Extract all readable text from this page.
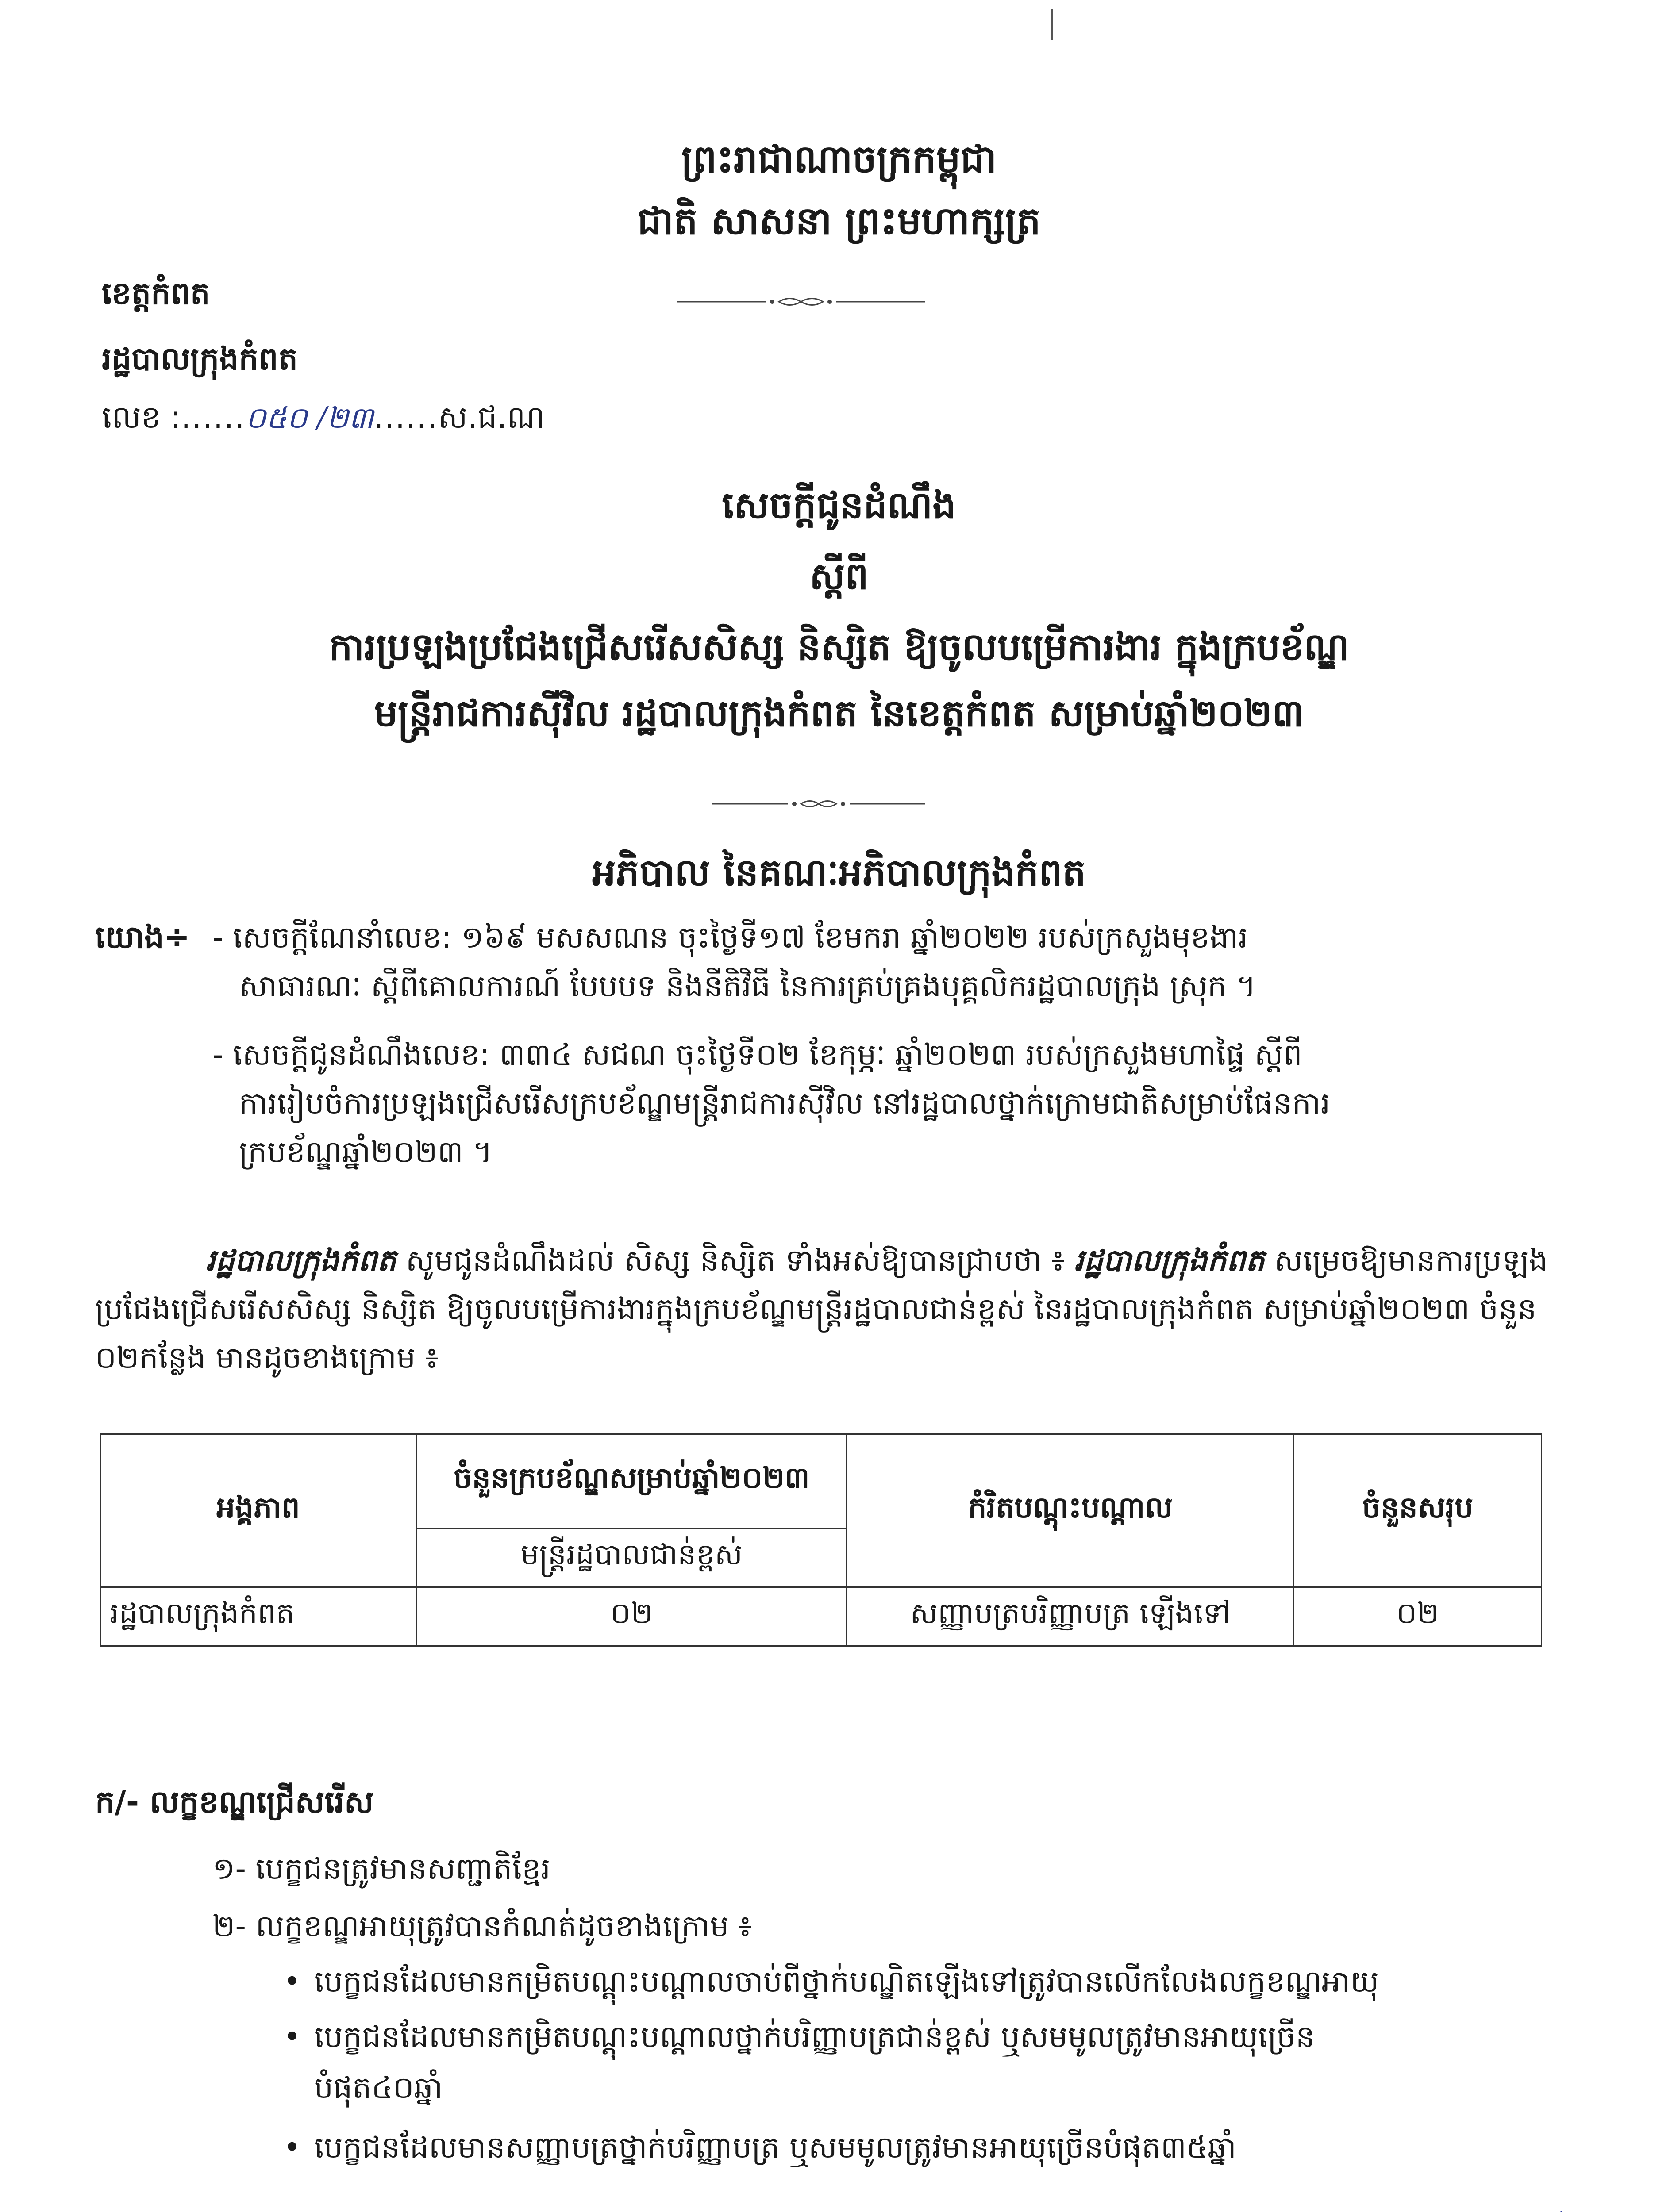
ព្រះរាជាណាចក្រកម្ពុជា
ជាតិ សាសនា ព្រះមហាក្សត្រ
ខេត្តកំពត
រដ្ឋបាលក្រុងកំពត
លេខ :......០៥០ /២៣......ស.ជ.ណ
សេចក្តីជូនដំណឹង
ស្តីពី
ការប្រឡងប្រជែងជ្រើសរើសសិស្ស និស្សិត ឱ្យចូលបម្រើការងារ ក្នុងក្របខ័ណ្ឌ
មន្ត្រីរាជការស៊ីវិល រដ្ឋបាលក្រុងកំពត នៃខេត្តកំពត សម្រាប់ឆ្នាំ២០២៣
អភិបាល នៃគណៈអភិបាលក្រុងកំពត
យោង÷ - សេចក្តីណែនាំលេខ: ១៦៩ មសសណន ចុះថ្ងៃទី១៧ ខែមករា ឆ្នាំ២០២២ របស់ក្រសួងមុខងារ
សាធារណៈ ស្តីពីគោលការណ៍ បែបបទ និងនីតិវិធី នៃការគ្រប់គ្រងបុគ្គលិករដ្ឋបាលក្រុង ស្រុក ។
- សេចក្តីជូនដំណឹងលេខ: ៣៣៤ សជណ ចុះថ្ងៃទី០២ ខែកុម្ភៈ ឆ្នាំ២០២៣ របស់ក្រសួងមហាផ្ទៃ ស្តីពី
ការរៀបចំការប្រឡងជ្រើសរើសក្របខ័ណ្ឌមន្ត្រីរាជការស៊ីវិល នៅរដ្ឋបាលថ្នាក់ក្រោមជាតិសម្រាប់ផែនការ
ក្របខ័ណ្ឌឆ្នាំ២០២៣ ។
រដ្ឋបាលក្រុងកំពត សូមជូនដំណឹងដល់ សិស្ស និស្សិត ទាំងអស់ឱ្យបានជ្រាបថា ៖ រដ្ឋបាលក្រុងកំពត សម្រេចឱ្យមានការប្រឡងប្រជែងជ្រើសរើសសិស្ស និស្សិត ឱ្យចូលបម្រើការងារក្នុងក្របខ័ណ្ឌមន្ត្រីរដ្ឋបាលជាន់ខ្ពស់ នៃរដ្ឋបាលក្រុងកំពត សម្រាប់ឆ្នាំ២០២៣ ចំនួន ០២កន្លែង មានដូចខាងក្រោម ៖
អង្គភាព	ចំនួនក្របខ័ណ្ឌសម្រាប់ឆ្នាំ២០២៣	កំរិតបណ្តុះបណ្តាល	ចំនួនសរុប
	មន្ត្រីរដ្ឋបាលជាន់ខ្ពស់		
រដ្ឋបាលក្រុងកំពត	០២	សញ្ញាបត្របរិញ្ញាបត្រ ឡើងទៅ	០២
ក/- លក្ខខណ្ឌជ្រើសរើស
១- បេក្ខជនត្រូវមានសញ្ជាតិខ្មែរ
២- លក្ខខណ្ឌអាយុត្រូវបានកំណត់ដូចខាងក្រោម ៖
• បេក្ខជនដែលមានកម្រិតបណ្តុះបណ្តាលចាប់ពីថ្នាក់បណ្ឌិតឡើងទៅត្រូវបានលើកលែងលក្ខខណ្ឌអាយុ
• បេក្ខជនដែលមានកម្រិតបណ្តុះបណ្តាលថ្នាក់បរិញ្ញាបត្រជាន់ខ្ពស់ ឬសមមូលត្រូវមានអាយុច្រើន
បំផុត៤០ឆ្នាំ
• បេក្ខជនដែលមានសញ្ញាបត្រថ្នាក់បរិញ្ញាបត្រ ឬសមមូលត្រូវមានអាយុច្រើនបំផុត៣៥ឆ្នាំ
